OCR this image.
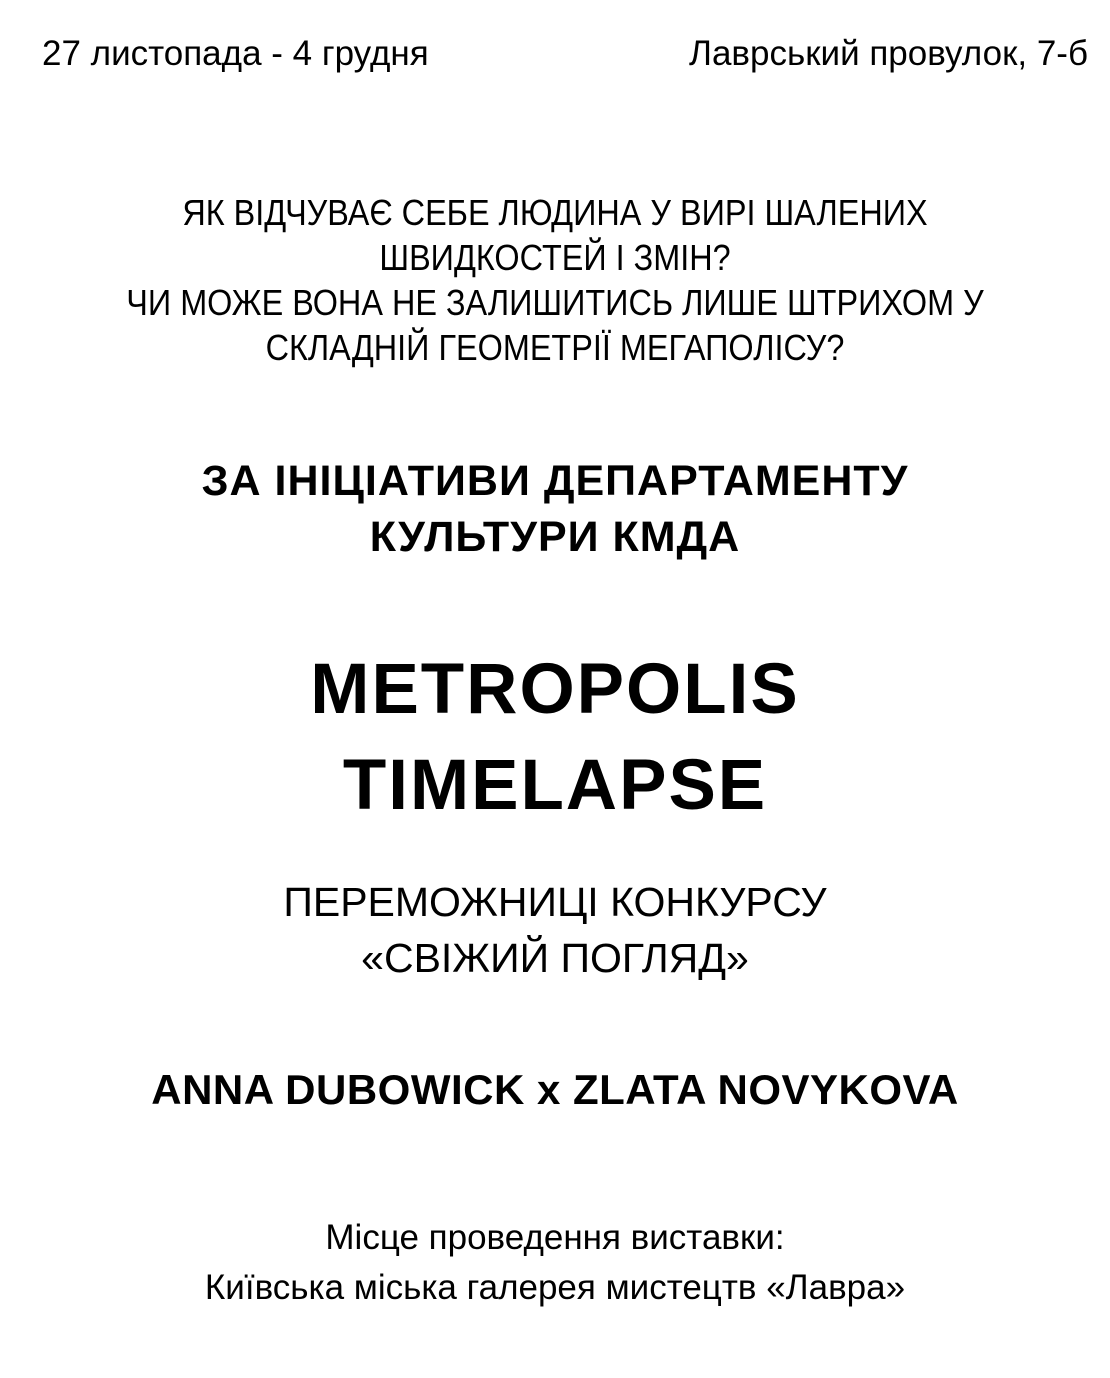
27 листопада - 4 грудня	Лаврський провулок, 7-б
ЯК ВІДЧУВАЄ СЕБЕ ЛЮДИНА У ВИРІ ШАЛЕНИХ
ШВИДКОСТЕЙ І ЗМІН?
ЧИ МОЖЕ ВОНА НЕ ЗАЛИШИТИСЬ ЛИШЕ ШТРИХОМ У
СКЛАДНІЙ ГЕОМЕТРІЇ МЕГАПОЛІСУ?
ЗА ІНІЦІАТИВИ ДЕПАРТАМЕНТУ
КУЛЬТУРИ КМДА
METROPOLIS
TIMELAPSE
ПЕРЕМОЖНИЦІ КОНКУРСУ
«СВІЖИЙ ПОГЛЯД»
ANNA DUBOWICK x ZLATA NOVYKOVA
Місце проведення виставки:
Київська міська галерея мистецтв «Лавра»
